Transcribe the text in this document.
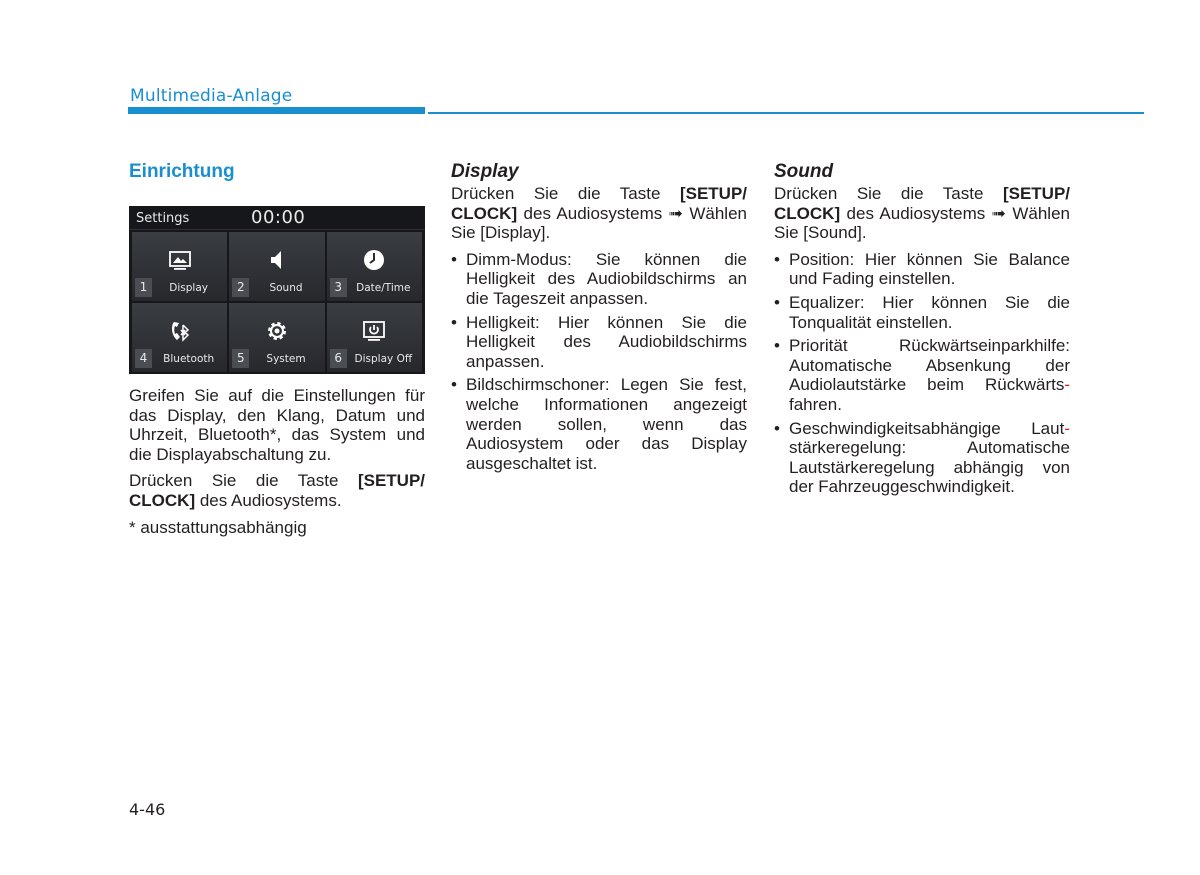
Multimedia-Anlage
Einrichtung
Settings	00:00
1	Display	2	Sound	3	Date/Time
4	Bluetooth	5	System	6	Display Off

Greifen Sie auf die Einstellungen für das Display, den Klang, Datum und Uhrzeit, Bluetooth*, das System und die Displayabschaltung zu.

Drücken Sie die Taste [SETUP/ CLOCK] des Audiosystems.

* ausstattungsabhängig

Display

Drücken Sie die Taste [SETUP/ CLOCK] des Audiosystems ➟ Wählen Sie [Display].

• Dimm-Modus: Sie können die Helligkeit des Audiobildschirms an die Tageszeit anpassen.
• Helligkeit: Hier können Sie die Helligkeit des Audiobildschirms anpassen.
• Bildschirmschoner: Legen Sie fest, welche Informationen angezeigt werden sollen, wenn das Audiosystem oder das Display ausgeschaltet ist.
Sound

Drücken Sie die Taste [SETUP/ CLOCK] des Audiosystems ➟ Wählen Sie [Sound].

• Position: Hier können Sie Balance und Fading einstellen.
• Equalizer: Hier können Sie die Tonqualität einstellen.
• Priorität Rückwärtseinparkhilfe: Automatische Absenkung der Audiolautstärke beim Rückwärts- fahren.
• Geschwindigkeitsabhängige Laut- stärkeregelung: Automatische Lautstärkeregelung abhängig von der Fahrzeuggeschwindigkeit.
4-46
